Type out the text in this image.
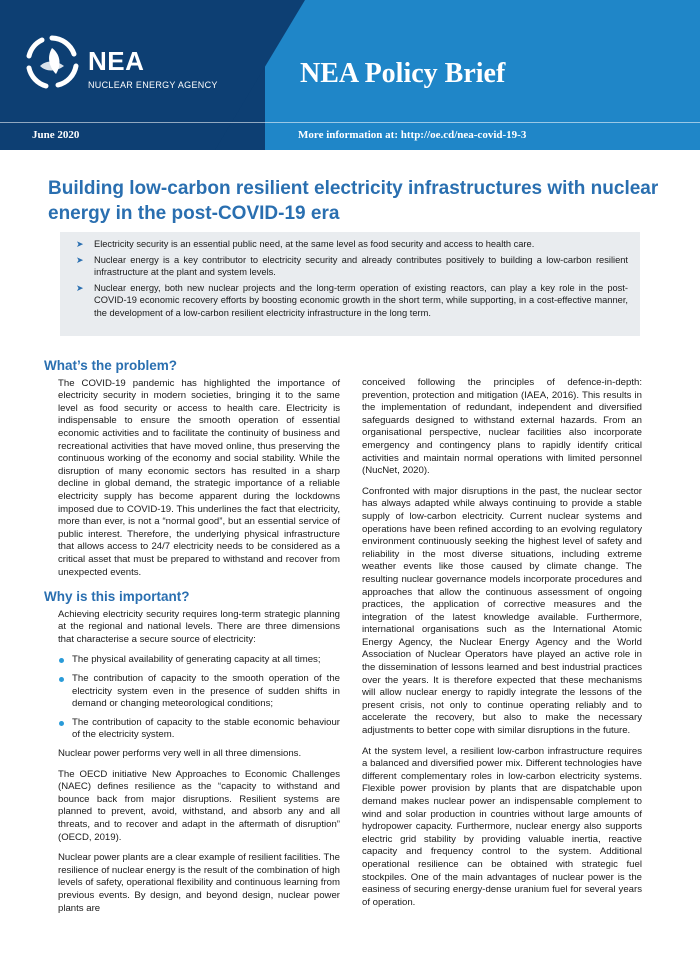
NEA
NUCLEAR ENERGY AGENCY	NEA Policy Brief
June 2020	More information at: http://oe.cd/nea-covid-19-3
Building low-carbon resilient electricity infrastructures with nuclear energy in the post-COVID-19 era
➤ Electricity security is an essential public need, at the same level as food security and access to health care.
➤ Nuclear energy is a key contributor to electricity security and already contributes positively to building a low-carbon resilient infrastructure at the plant and system levels.
➤ Nuclear energy, both new nuclear projects and the long-term operation of existing reactors, can play a key role in the post-COVID-19 economic recovery efforts by boosting economic growth in the short term, while supporting, in a cost-effective manner, the development of a low-carbon resilient electricity infrastructure in the long term.
What’s the problem?

The COVID-19 pandemic has highlighted the importance of electricity security in modern societies, bringing it to the same level as food security or access to health care. Electricity is indispensable to ensure the smooth operation of essential economic activities and to facilitate the continuity of business and recreational activities that have moved online, thus preserving the continuous working of the economy and social stability. While the disruption of many economic sectors has resulted in a sharp decline in global demand, the strategic importance of a reliable electricity supply has become apparent during the lockdowns imposed due to COVID-19. This underlines the fact that electricity, more than ever, is not a “normal good”, but an essential service of public interest. Therefore, the underlying physical infrastructure that allows access to 24/7 electricity needs to be considered as a critical asset that must be prepared to withstand and recover from unexpected events.

Why is this important?

Achieving electricity security requires long-term strategic planning at the regional and national levels. There are three dimensions that characterise a secure source of electricity:

The physical availability of generating capacity at all times;
The contribution of capacity to the smooth operation of the electricity system even in the presence of sudden shifts in demand or changing meteorological conditions;
The contribution of capacity to the stable economic behaviour of the electricity system.

Nuclear power performs very well in all three dimensions.

The OECD initiative New Approaches to Economic Challenges (NAEC) defines resilience as the “capacity to withstand and bounce back from major disruptions. Resilient systems are planned to prevent, avoid, withstand, and absorb any and all threats, and to recover and adapt in the aftermath of disruption” (OECD, 2019).

Nuclear power plants are a clear example of resilient facilities. The resilience of nuclear energy is the result of the combination of high levels of safety, operational flexibility and continuous learning from previous events. By design, and beyond design, nuclear power plants are

conceived following the principles of defence-in-depth: prevention, protection and mitigation (IAEA, 2016). This results in the implementation of redundant, independent and diversified safeguards designed to withstand external hazards. From an organisational perspective, nuclear facilities also incorporate emergency and contingency plans to rapidly identify critical activities and maintain normal operations with limited personnel (NucNet, 2020).

Confronted with major disruptions in the past, the nuclear sector has always adapted while always continuing to provide a stable supply of low-carbon electricity. Current nuclear systems and operations have been refined according to an evolving regulatory environment continuously seeking the highest level of safety and reliability in the most diverse situations, including extreme weather events like those caused by climate change. The resulting nuclear governance models incorporate procedures and approaches that allow the continuous assessment of ongoing practices, the application of corrective measures and the integration of the latest knowledge available. Furthermore, international organisations such as the International Atomic Energy Agency, the Nuclear Energy Agency and the World Association of Nuclear Operators have played an active role in the dissemination of lessons learned and best industrial practices over the years. It is therefore expected that these mechanisms will allow nuclear energy to rapidly integrate the lessons of the present crisis, not only to continue operating reliably and to accelerate the recovery, but also to make the necessary adjustments to better cope with similar disruptions in the future.

At the system level, a resilient low-carbon infrastructure requires a balanced and diversified power mix. Different technologies have different complementary roles in low-carbon electricity systems. Flexible power provision by plants that are dispatchable upon demand makes nuclear power an indispensable complement to wind and solar production in countries without large amounts of hydropower capacity. Furthermore, nuclear energy also supports electric grid stability by providing valuable inertia, reactive capacity and frequency control to the system. Additional operational resilience can be obtained with strategic fuel stockpiles. One of the main advantages of nuclear power is the easiness of securing energy-dense uranium fuel for several years of operation.
